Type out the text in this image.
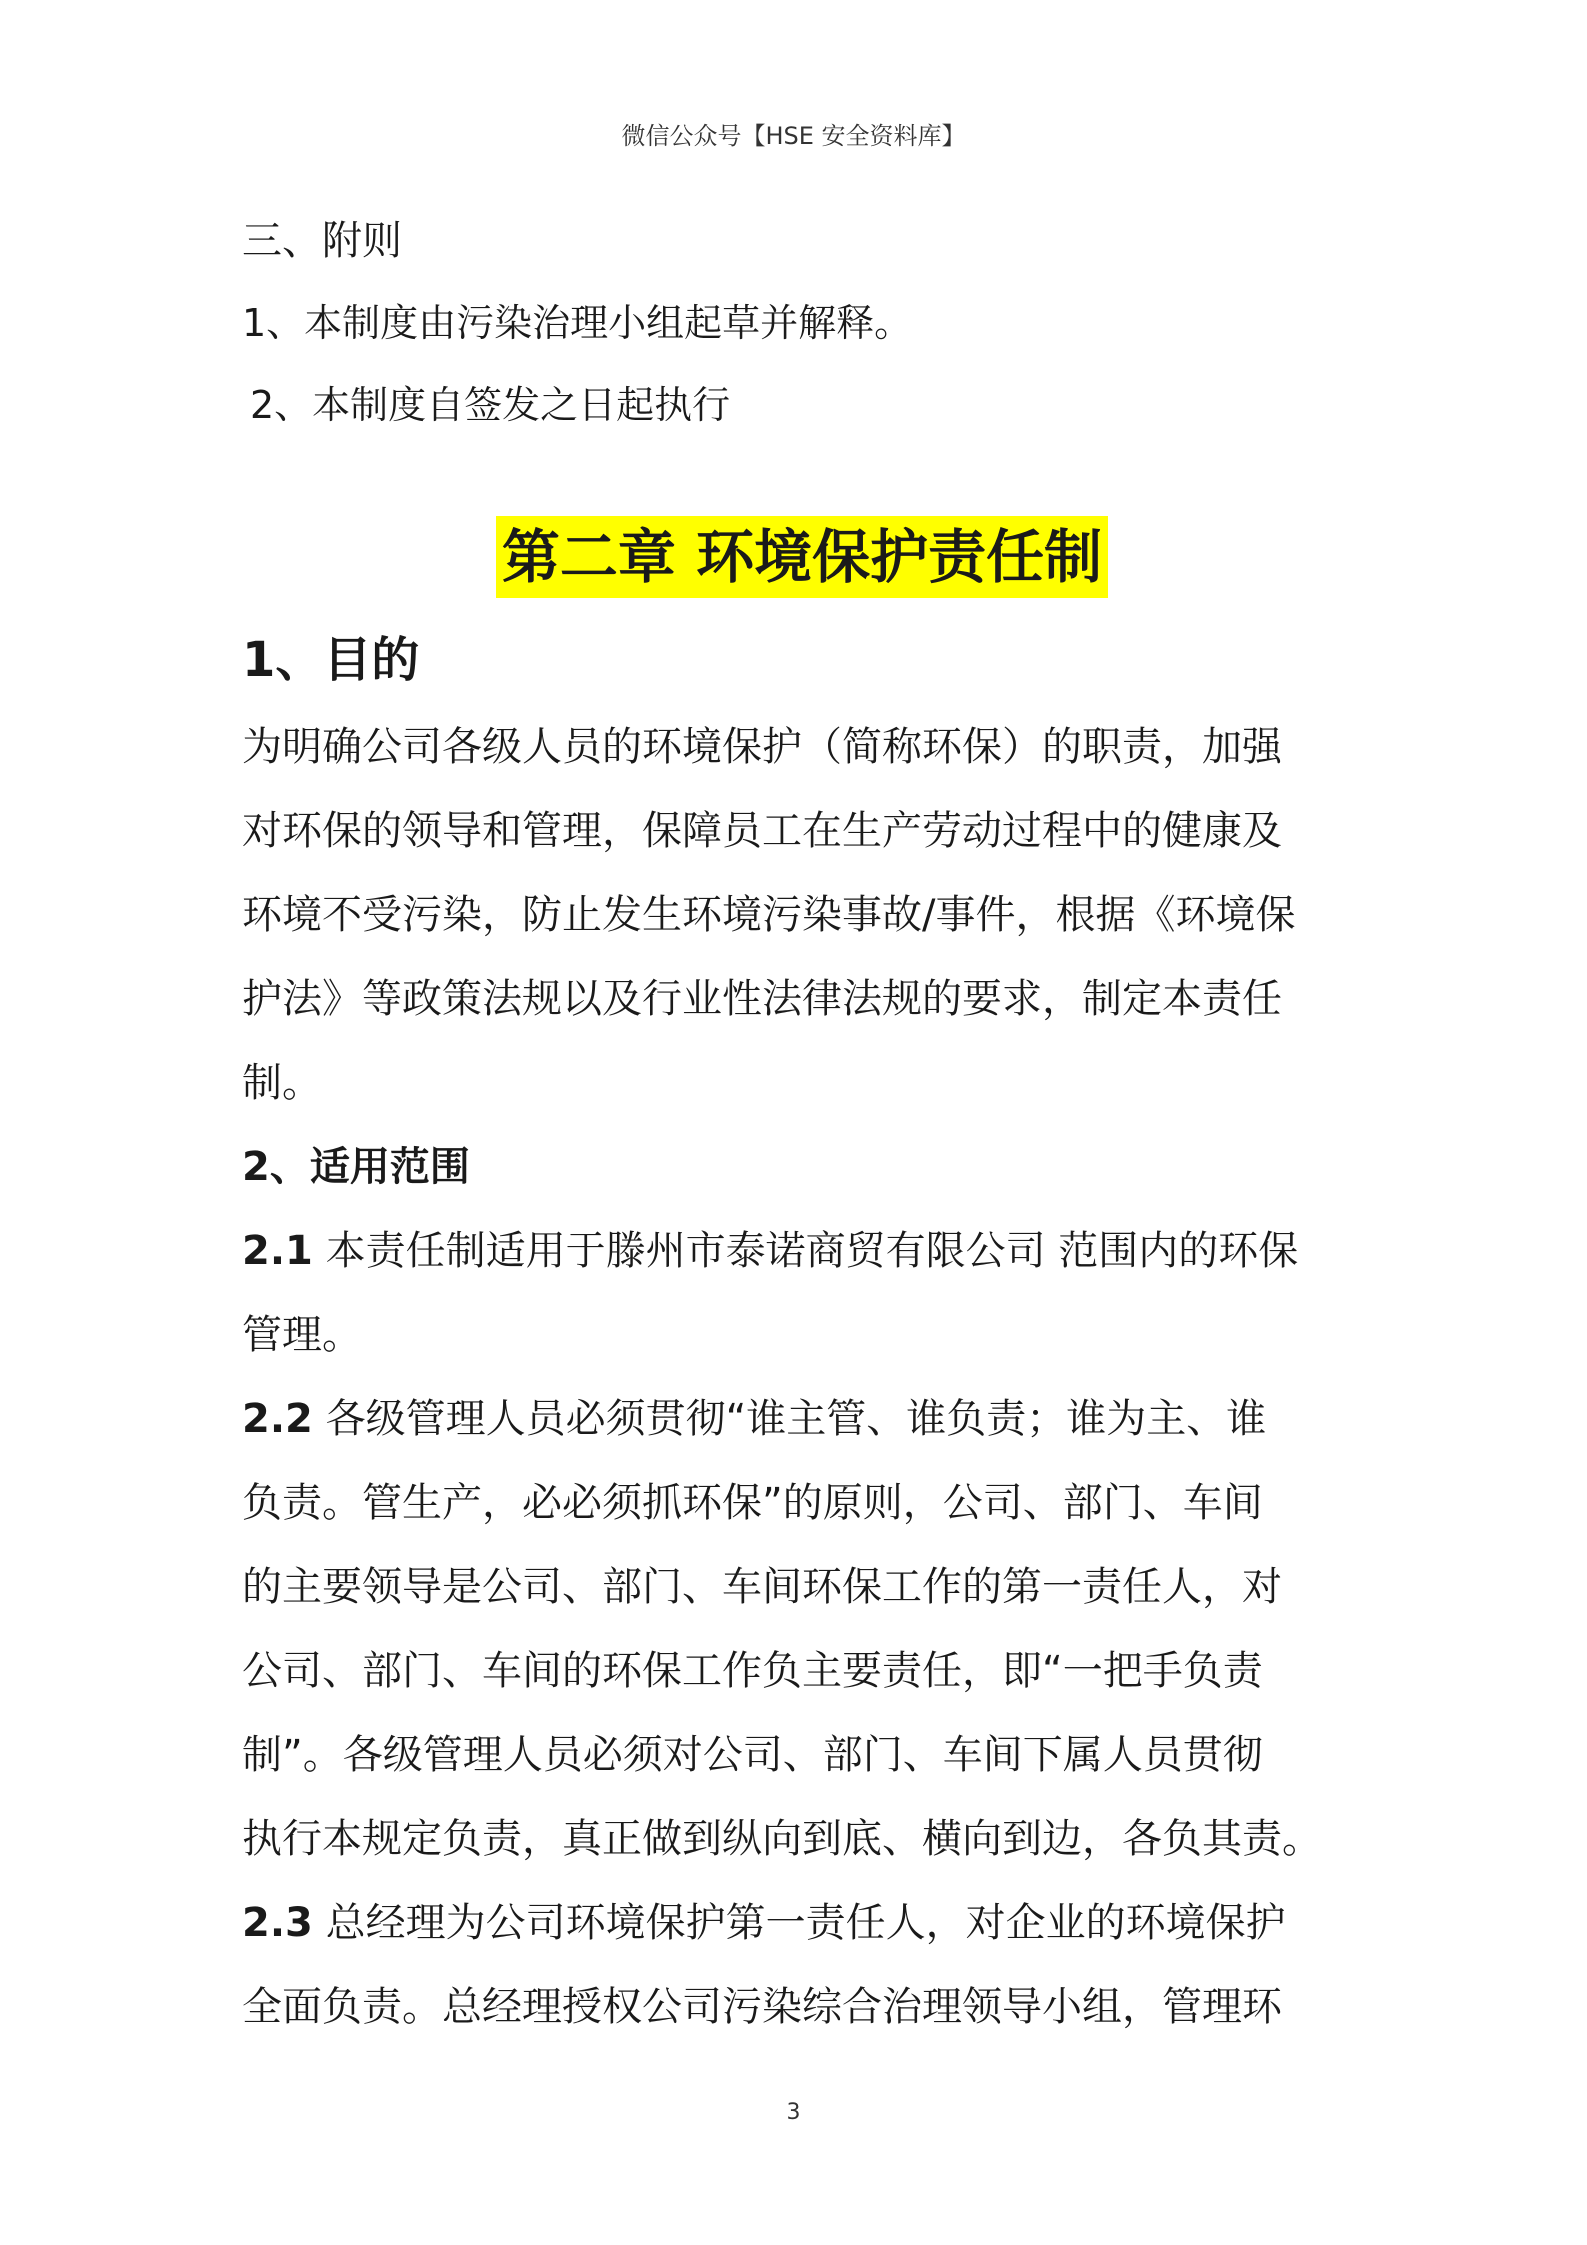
微信公众号【HSE 安全资料库】
三、附则
1、本制度由污染治理小组起草并解释。
2、本制度自签发之日起执行
第二章 环境保护责任制
1、目的
为明确公司各级人员的环境保护（简称环保）的职责，加强
对环保的领导和管理，保障员工在生产劳动过程中的健康及
环境不受污染，防止发生环境污染事故/事件，根据《环境保
护法》等政策法规以及行业性法律法规的要求，制定本责任
制。
2、适用范围
2.1 本责任制适用于滕州市泰诺商贸有限公司 范围内的环保
管理。
2.2 各级管理人员必须贯彻“谁主管、谁负责；谁为主、谁
负责。管生产，必必须抓环保”的原则，公司、部门、车间
的主要领导是公司、部门、车间环保工作的第一责任人，对
公司、部门、车间的环保工作负主要责任，即“一把手负责
制”。各级管理人员必须对公司、部门、车间下属人员贯彻
执行本规定负责，真正做到纵向到底、横向到边，各负其责。
2.3 总经理为公司环境保护第一责任人，对企业的环境保护
全面负责。总经理授权公司污染综合治理领导小组，管理环
3
